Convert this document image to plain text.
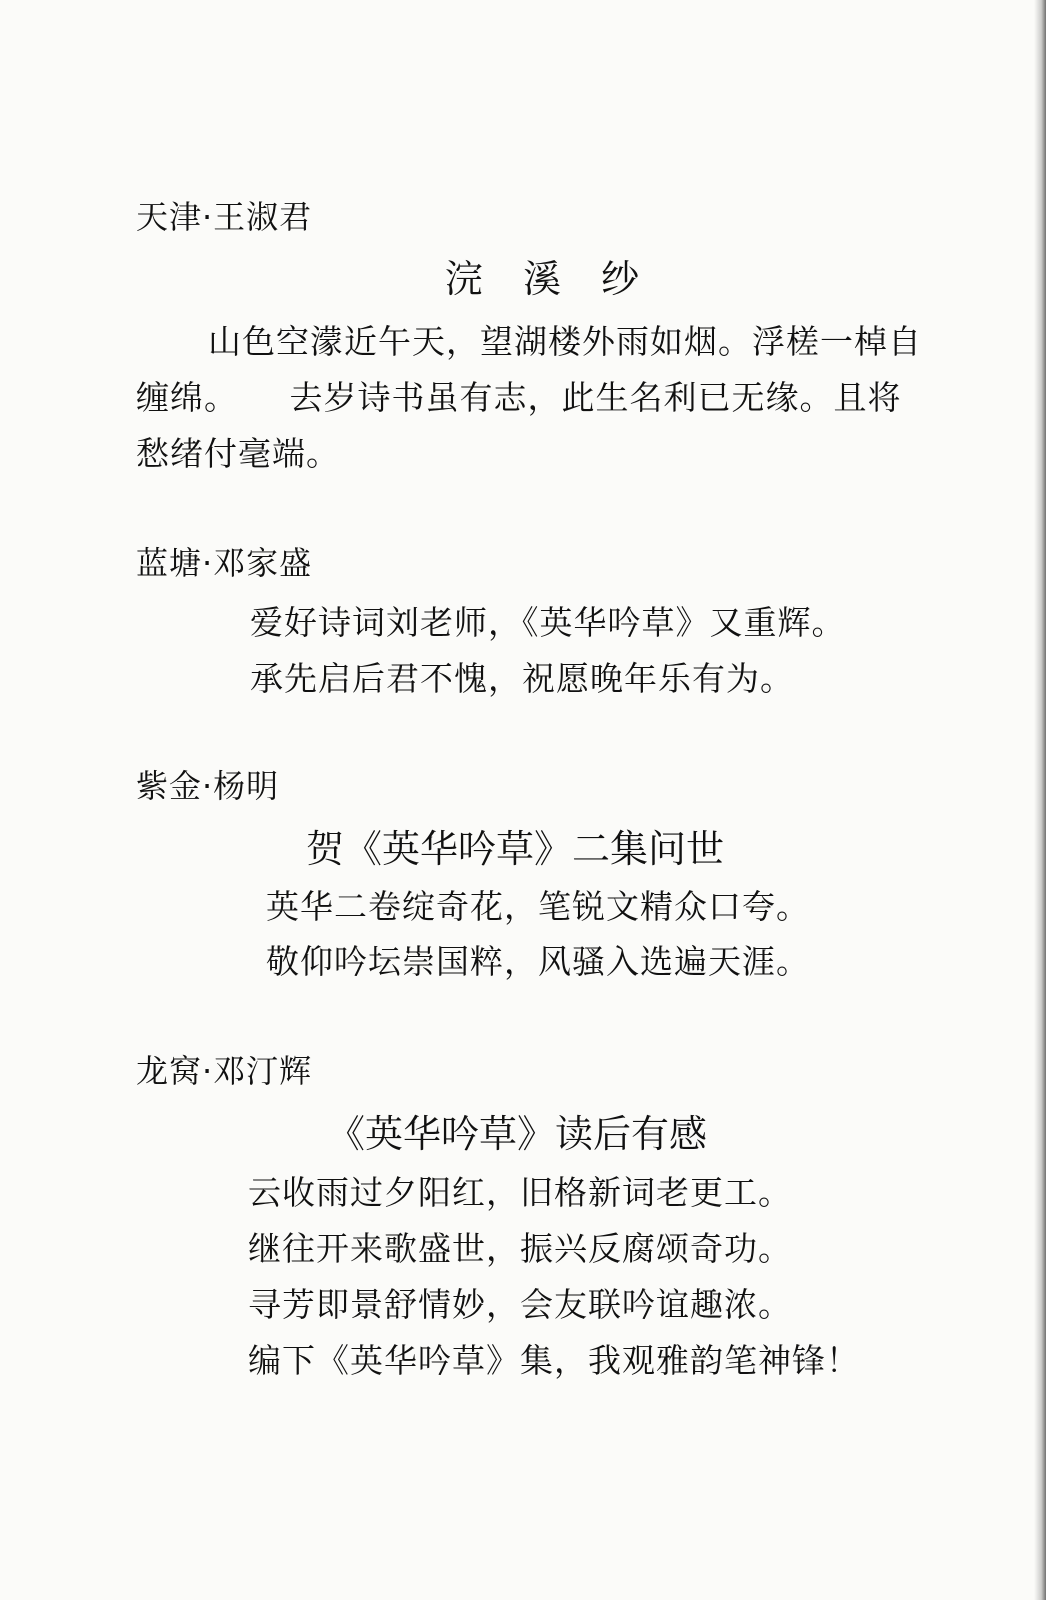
天津·王淑君
浣 溪 纱
山色空濛近午天，望湖楼外雨如烟。浮槎一棹自
缠绵。　　去岁诗书虽有志，此生名利已无缘。且将
愁绪付毫端。
蓝塘·邓家盛
爱好诗词刘老师，《英华吟草》又重辉。
承先启后君不愧，祝愿晚年乐有为。
紫金·杨明
贺《英华吟草》二集问世
英华二卷绽奇花，笔锐文精众口夸。
敬仰吟坛崇国粹，风骚入选遍天涯。
龙窝·邓汀辉
《英华吟草》读后有感
云收雨过夕阳红，旧格新词老更工。
继往开来歌盛世，振兴反腐颂奇功。
寻芳即景舒情妙，会友联吟谊趣浓。
编下《英华吟草》集，我观雅韵笔神锋！
